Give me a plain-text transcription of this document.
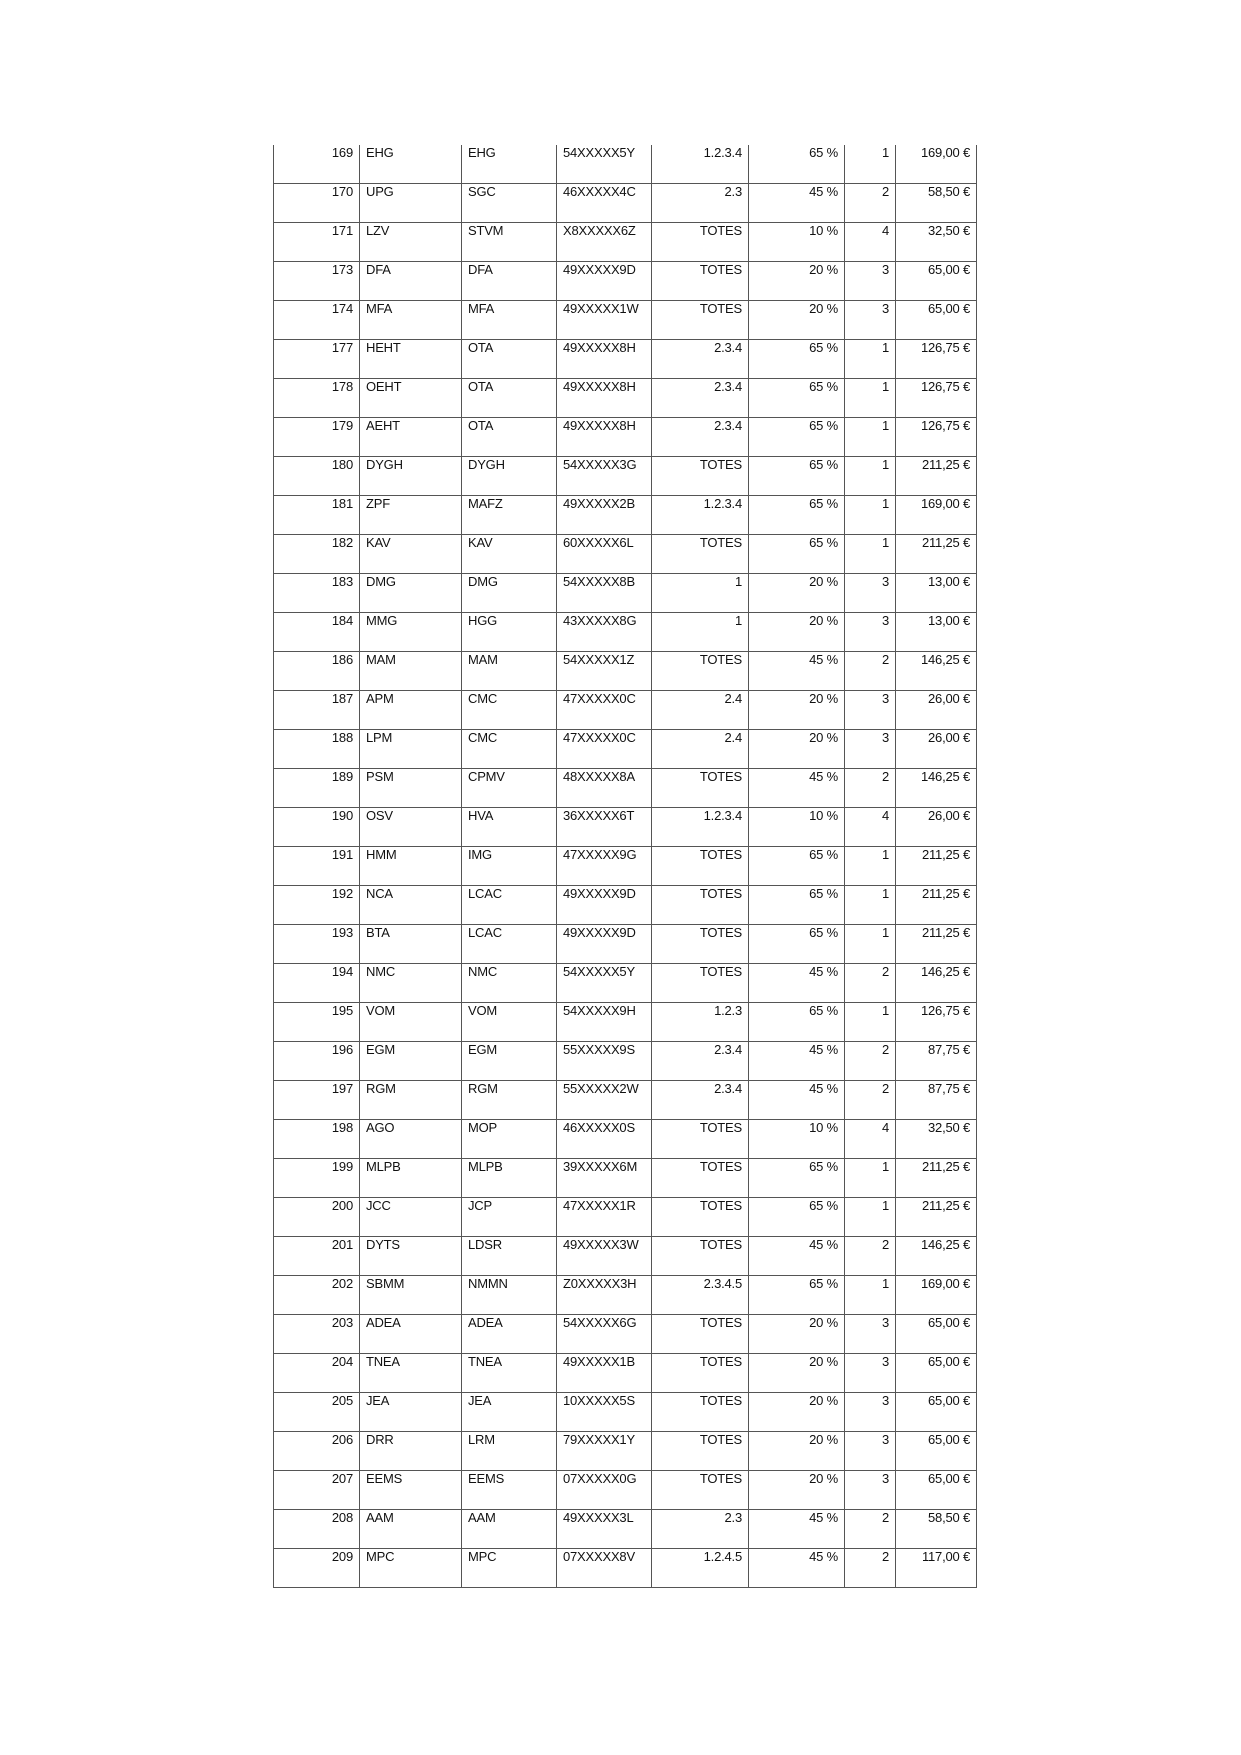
169	EHG	EHG	54XXXXX5Y	1.2.3.4	65 %	1	169,00 €
170	UPG	SGC	46XXXXX4C	2.3	45 %	2	58,50 €
171	LZV	STVM	X8XXXXX6Z	TOTES	10 %	4	32,50 €
173	DFA	DFA	49XXXXX9D	TOTES	20 %	3	65,00 €
174	MFA	MFA	49XXXXX1W	TOTES	20 %	3	65,00 €
177	HEHT	OTA	49XXXXX8H	2.3.4	65 %	1	126,75 €
178	OEHT	OTA	49XXXXX8H	2.3.4	65 %	1	126,75 €
179	AEHT	OTA	49XXXXX8H	2.3.4	65 %	1	126,75 €
180	DYGH	DYGH	54XXXXX3G	TOTES	65 %	1	211,25 €
181	ZPF	MAFZ	49XXXXX2B	1.2.3.4	65 %	1	169,00 €
182	KAV	KAV	60XXXXX6L	TOTES	65 %	1	211,25 €
183	DMG	DMG	54XXXXX8B	1	20 %	3	13,00 €
184	MMG	HGG	43XXXXX8G	1	20 %	3	13,00 €
186	MAM	MAM	54XXXXX1Z	TOTES	45 %	2	146,25 €
187	APM	CMC	47XXXXX0C	2.4	20 %	3	26,00 €
188	LPM	CMC	47XXXXX0C	2.4	20 %	3	26,00 €
189	PSM	CPMV	48XXXXX8A	TOTES	45 %	2	146,25 €
190	OSV	HVA	36XXXXX6T	1.2.3.4	10 %	4	26,00 €
191	HMM	IMG	47XXXXX9G	TOTES	65 %	1	211,25 €
192	NCA	LCAC	49XXXXX9D	TOTES	65 %	1	211,25 €
193	BTA	LCAC	49XXXXX9D	TOTES	65 %	1	211,25 €
194	NMC	NMC	54XXXXX5Y	TOTES	45 %	2	146,25 €
195	VOM	VOM	54XXXXX9H	1.2.3	65 %	1	126,75 €
196	EGM	EGM	55XXXXX9S	2.3.4	45 %	2	87,75 €
197	RGM	RGM	55XXXXX2W	2.3.4	45 %	2	87,75 €
198	AGO	MOP	46XXXXX0S	TOTES	10 %	4	32,50 €
199	MLPB	MLPB	39XXXXX6M	TOTES	65 %	1	211,25 €
200	JCC	JCP	47XXXXX1R	TOTES	65 %	1	211,25 €
201	DYTS	LDSR	49XXXXX3W	TOTES	45 %	2	146,25 €
202	SBMM	NMMN	Z0XXXXX3H	2.3.4.5	65 %	1	169,00 €
203	ADEA	ADEA	54XXXXX6G	TOTES	20 %	3	65,00 €
204	TNEA	TNEA	49XXXXX1B	TOTES	20 %	3	65,00 €
205	JEA	JEA	10XXXXX5S	TOTES	20 %	3	65,00 €
206	DRR	LRM	79XXXXX1Y	TOTES	20 %	3	65,00 €
207	EEMS	EEMS	07XXXXX0G	TOTES	20 %	3	65,00 €
208	AAM	AAM	49XXXXX3L	2.3	45 %	2	58,50 €
209	MPC	MPC	07XXXXX8V	1.2.4.5	45 %	2	117,00 €
